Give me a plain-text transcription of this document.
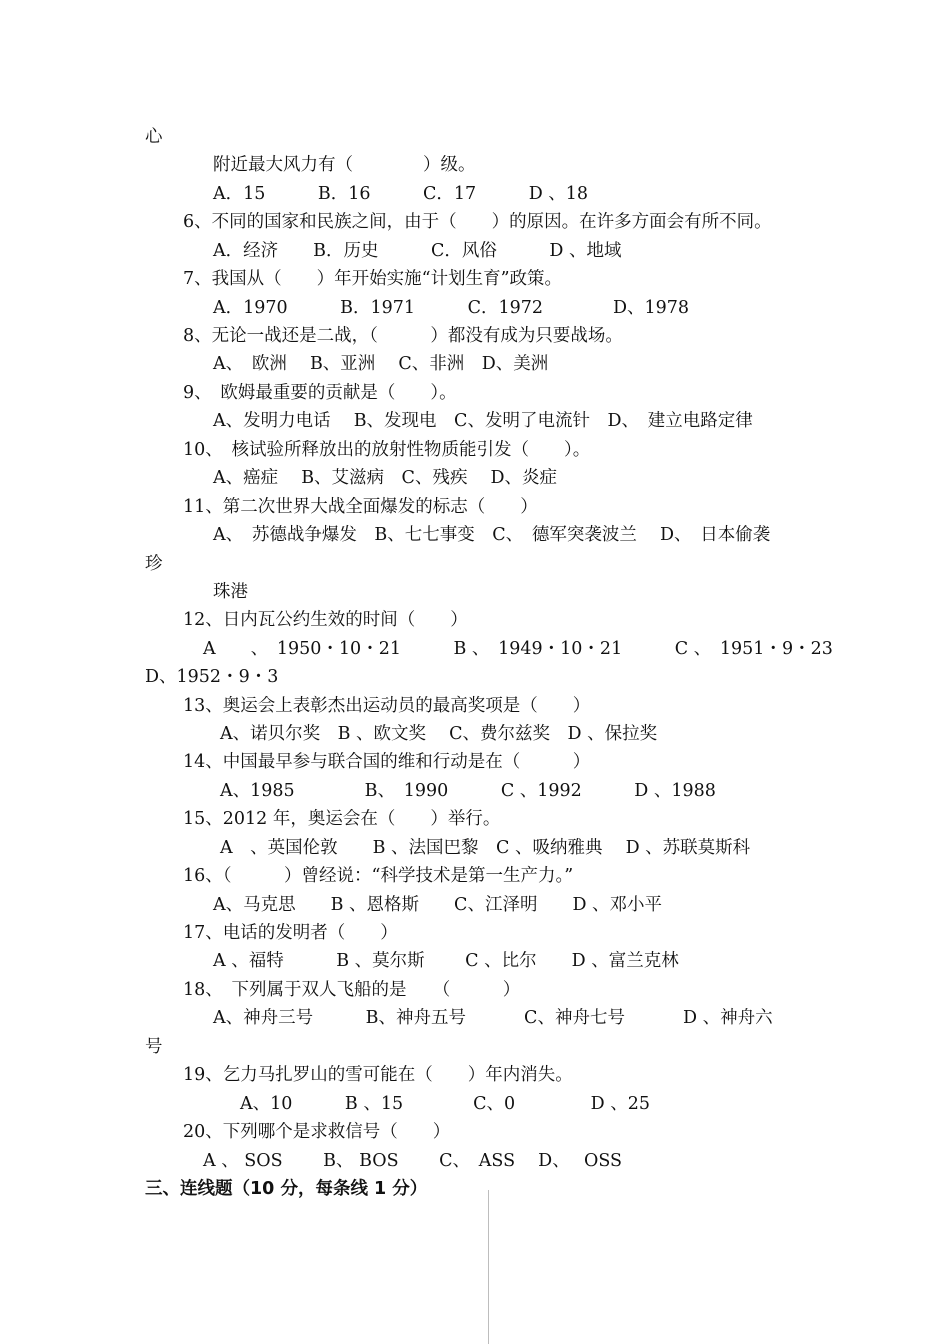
心
附近最大风力有（　　　　）级。
A．15　　　B．16　　　C．17　　　D 、18
6、不同的国家和民族之间，由于（　　）的原因。在许多方面会有所不同。
A．经济　　B．历史　　　C．风俗　　　D 、地域
7、我国从（　　）年开始实施“计划生育”政策。
A．1970　　　B．1971　　　C．1972　　　　D、1978
8、无论一战还是二战，（　　　）都没有成为只要战场。
A、　欧洲　 B、亚洲　 C、非洲　D、美洲
9、　欧姆最重要的贡献是（　　）。
A、发明力电话　 B、发现电　C、发明了电流针　D、　建立电路定律
10、　核试验所释放出的放射性物质能引发（　　）。
A、癌症　 B、艾滋病　C、残疾　 D、炎症
11、第二次世界大战全面爆发的标志（　　）
A、　苏德战争爆发　B、七七事变　C、　德军突袭波兰　 D、　日本偷袭
珍
珠港
12、日内瓦公约生效的时间（　　）
A　　、　1950・10・21　　　B 、　1949・10・21　　　C 、　1951・9・23
D、1952・9・3
13、奥运会上表彰杰出运动员的最高奖项是（　　）
A、诺贝尔奖　B 、欧文奖　 C、费尔兹奖　D 、保拉奖
14、中国最早参与联合国的维和行动是在（　　　）
A、1985　　　　B、　1990　　　C 、1992　　　D 、1988
15、2012 年，奥运会在（　　）举行。
A　、英国伦敦　　B 、法国巴黎　C 、吸纳雅典　 D 、苏联莫斯科
16、（　　　）曾经说：“科学技术是第一生产力。”
A、马克思　　B 、恩格斯　　C、江泽明　　D 、邓小平
17、电话的发明者（　　）
A 、福特　　　B 、莫尔斯　　 C 、比尔　　D 、富兰克林
18、　下列属于双人飞船的是　　（　　　）
A、神舟三号　　　B、神舟五号　　　 C、神舟七号　　　 D 、神舟六
号
19、乞力马扎罗山的雪可能在（　　）年内消失。
A、10　　　B 、15　　　　C、0　　　　 D 、25
20、下列哪个是求救信号（　　）
A 、 SOS　　 B、 BOS　　 C、　ASS　 D、　 OSS
三、连线题（10 分，每条线 1 分）
